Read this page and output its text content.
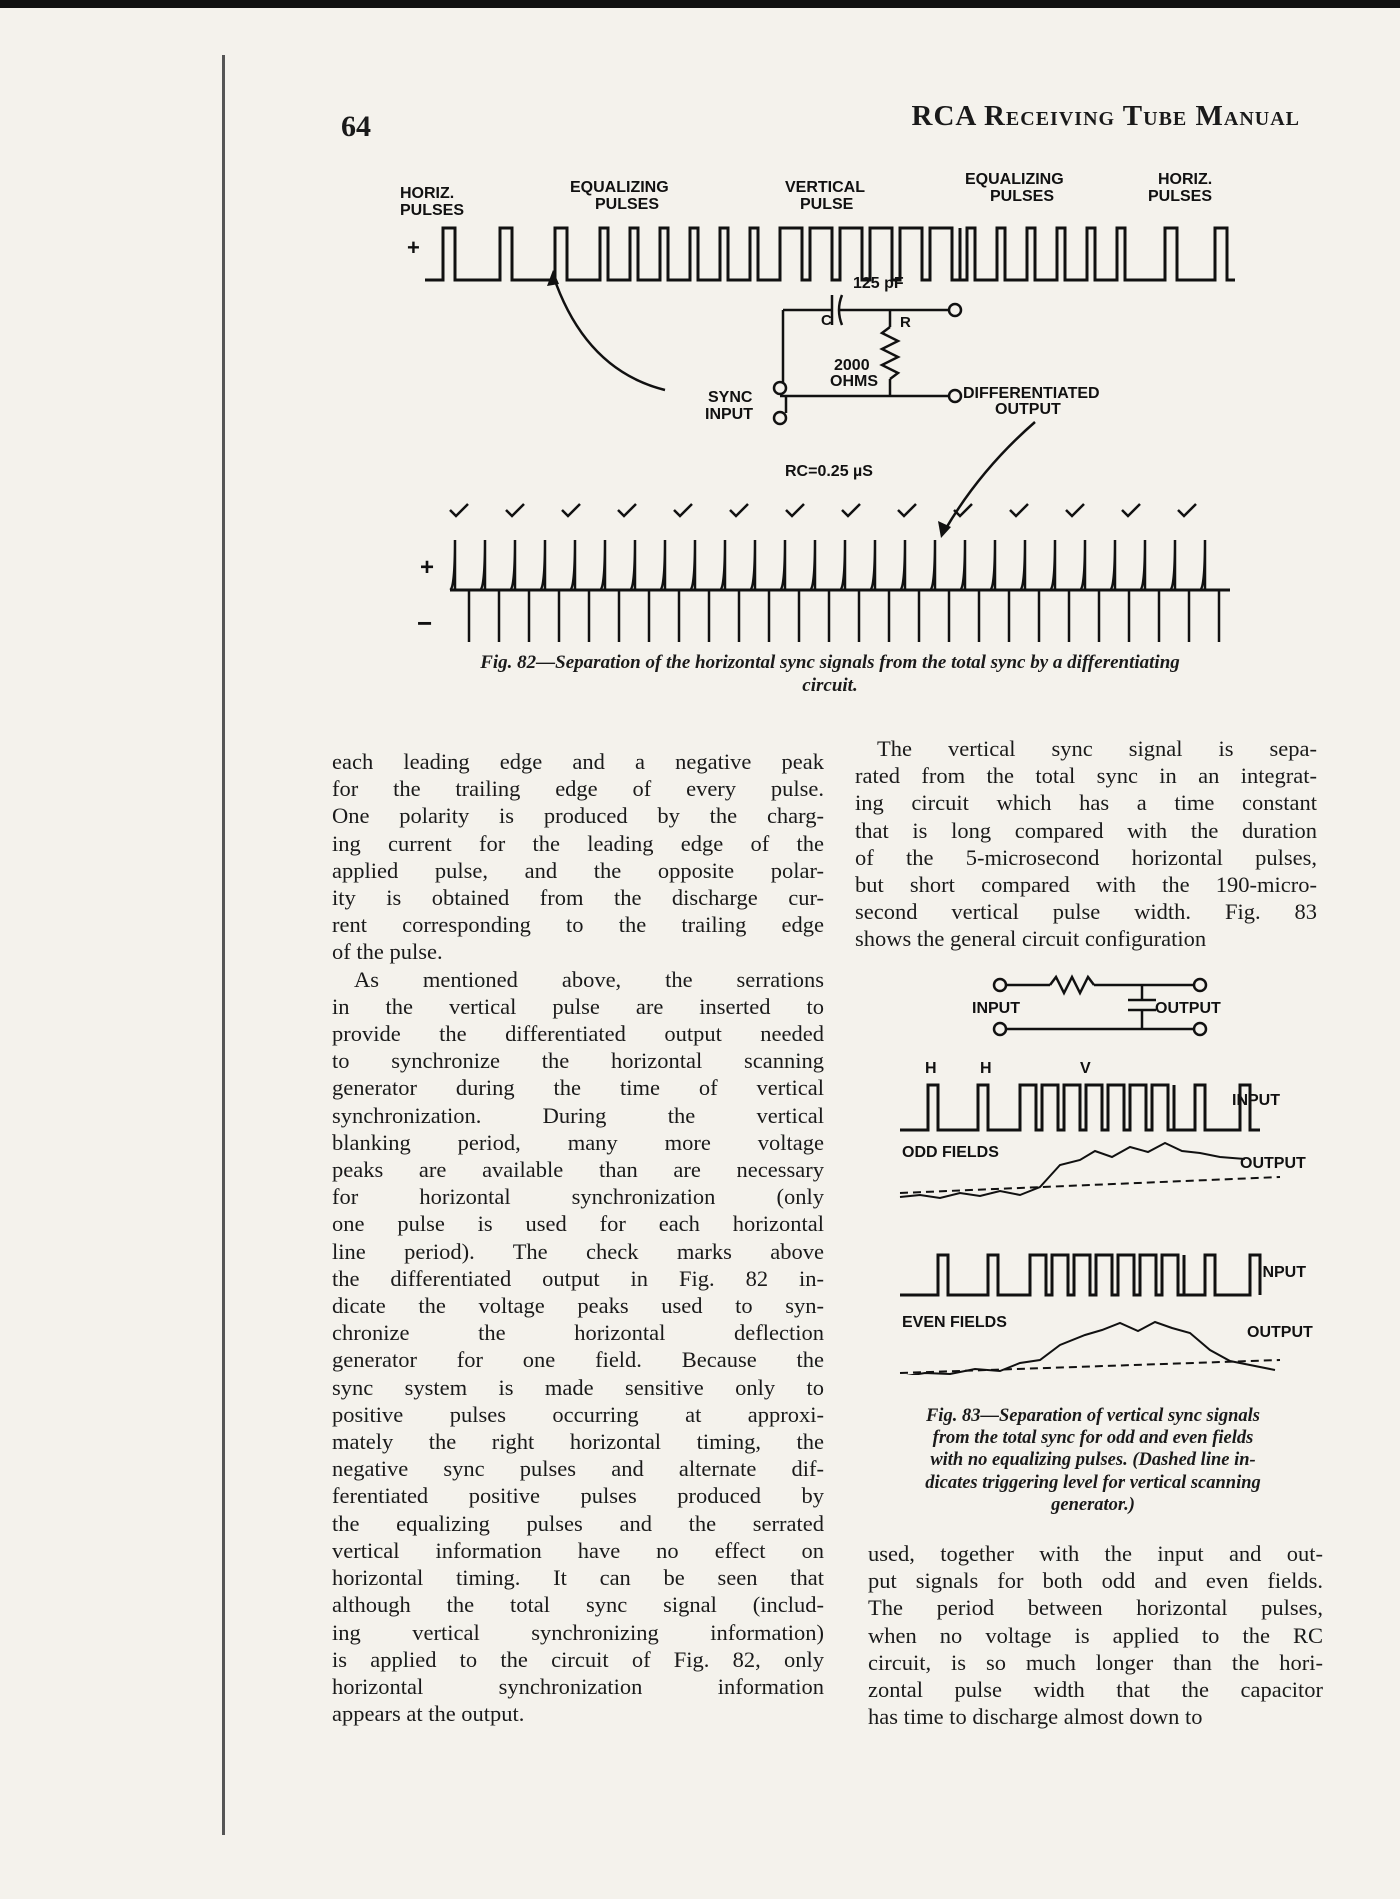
64	RCA Receiving Tube Manual
HORIZ.
PULSES
EQUALIZING
PULSES
VERTICAL
PULSE
EQUALIZING
PULSES
HORIZ.
PULSES
+
125 pF
C	R
2000
OHMS
SYNC
INPUT
DIFFERENTIATED
OUTPUT
RC=0.25 µS
+
−
Fig. 82—Separation of the horizontal sync signals from the total sync by a differentiating
circuit.

each leading edge and a negative peak

for the trailing edge of every pulse.

One polarity is produced by the charg-

ing current for the leading edge of the

applied pulse, and the opposite polar-

ity is obtained from the discharge cur-

rent corresponding to the trailing edge

of the pulse.

As mentioned above, the serrations

in the vertical pulse are inserted to

provide the differentiated output needed

to synchronize the horizontal scanning

generator during the time of vertical

synchronization. During the vertical

blanking period, many more voltage

peaks are available than are necessary

for horizontal synchronization (only

one pulse is used for each horizontal

line period). The check marks above

the differentiated output in Fig. 82 in-

dicate the voltage peaks used to syn-

chronize the horizontal deflection

generator for one field. Because the

sync system is made sensitive only to

positive pulses occurring at approxi-

mately the right horizontal timing, the

negative sync pulses and alternate dif-

ferentiated positive pulses produced by

the equalizing pulses and the serrated

vertical information have no effect on

horizontal timing. It can be seen that

although the total sync signal (includ-

ing vertical synchronizing information)

is applied to the circuit of Fig. 82, only

horizontal synchronization information

appears at the output.

The vertical sync signal is sepa-

rated from the total sync in an integrat-

ing circuit which has a time constant

that is long compared with the duration

of the 5-microsecond horizontal pulses,

but short compared with the 190-micro-

second vertical pulse width. Fig. 83

shows the general circuit configuration

INPUT	OUTPUT
H	H	V
INPUT
ODD FIELDS
OUTPUT
INPUT
EVEN FIELDS
OUTPUT
Fig. 83—Separation of vertical sync signals
from the total sync for odd and even fields
with no equalizing pulses. (Dashed line in-
dicates triggering level for vertical scanning
generator.)

used, together with the input and out-

put signals for both odd and even fields.

The period between horizontal pulses,

when no voltage is applied to the RC

circuit, is so much longer than the hori-

zontal pulse width that the capacitor

has time to discharge almost down to
